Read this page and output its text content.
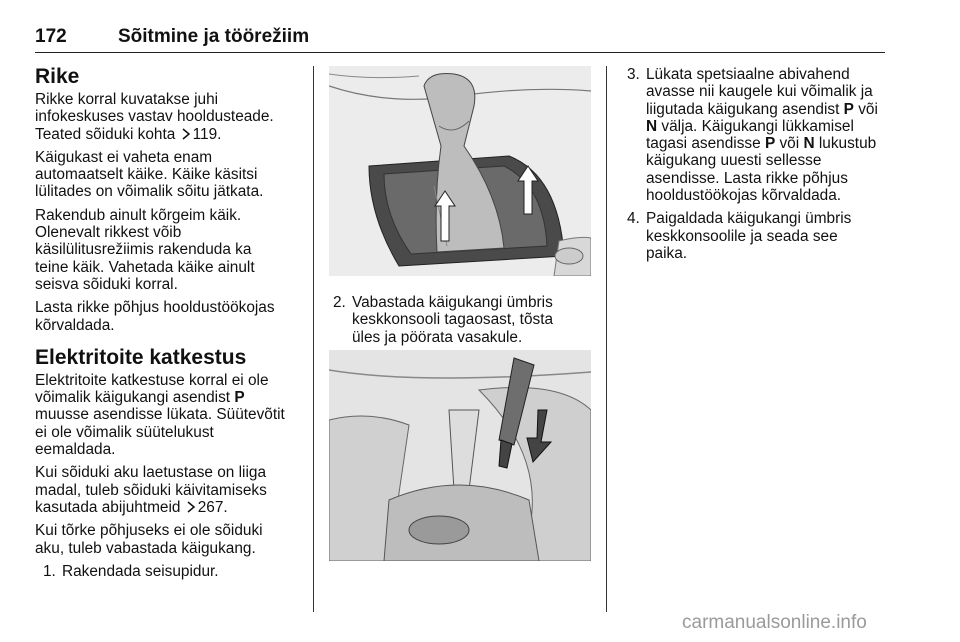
172	Sõitmine ja töörežiim
Rike

Rikke korral kuvatakse juhi
infokeskuses vastav hooldusteade.
Teated sõiduki kohta 119.

Käigukast ei vaheta enam
automaatselt käike. Käike käsitsi
lülitades on võimalik sõitu jätkata.

Rakendub ainult kõrgeim käik.
Olenevalt rikkest võib
käsilülitusrežiimis rakenduda ka
teine käik. Vahetada käike ainult
seisva sõiduki korral.

Lasta rikke põhjus hooldustöökojas
kõrvaldada.

Elektritoite katkestus

Elektritoite katkestuse korral ei ole
võimalik käigukangi asendist P
muusse asendisse lükata. Süütevõtit
ei ole võimalik süütelukust
eemaldada.

Kui sõiduki aku laetustase on liiga
madal, tuleb sõiduki käivitamiseks
kasutada abijuhtmeid 267.

Kui tõrke põhjuseks ei ole sõiduki
aku, tuleb vabastada käigukang.

1. Rakendada seisupidur.
2. Vabastada käigukangi ümbris
keskkonsooli tagaosast, tõsta
üles ja pöörata vasakule.
3. Lükata spetsiaalne abivahend
avasse nii kaugele kui võimalik ja
liigutada käigukang asendist P või
N välja. Käigukangi lükkamisel
tagasi asendisse P või N lukustub
käigukang uuesti sellesse
asendisse. Lasta rikke põhjus
hooldustöökojas kõrvaldada.
4. Paigaldada käigukangi ümbris
keskkonsoolile ja seada see
paika.
carmanualsonline.info
